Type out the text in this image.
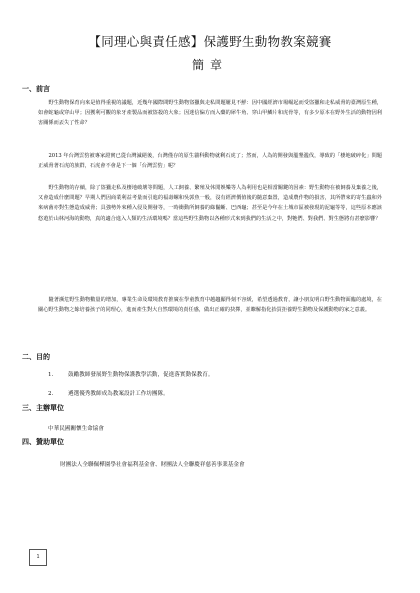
【同理心與責任感】保護野生動物教案競賽
簡章
一、前言
野生動物保育向來是值得重視的議題，近幾年國際間野生動物盜獵與走私問題屢見不鮮：因中國經濟市場崛起而受盜獵和走私威脅的臺灣原生種，如會蛇龜或穿山甲；因獲利可觀的象牙產製品而被盜殺的大象；因迷信偏方而入藥的犀牛角、穿山甲鱗片和虎骨等，有多少原本在野外生活的動物因利害關係而丟失了性命？
2013 年台灣雲豹被專家證實已從台灣滅絕後，台灣僅存的原生貓科動物就剩石虎了；然而，人為的開發與濫墾濫伐，導致的「棲地破碎化」問題正威脅著石虎的族群，石虎會不會是下一個「台灣雲豹」呢？
野生動物的存續，除了盜獵走私及棲地破壞等問題，人工飼養、繁殖及休閒娛樂等人為利用也是相當關鍵的因素：野生動物在被飼養及棄養之後，又會造成什麼問題？早期人們因商業利益考量而引進的福壽螺和吳郭魚一般，沒有經濟價值後的隨意棄置，造成農作物的損害，其所帶來的寄生蟲和外來病菌亦對生態造成威脅；具強勢外來種入侵及開發等，一時衝動所飼養的綠鬣蜥、巴西龜；甚至是今年在土城市區被發現的泥龜等等，這些原本應該悠遊於山林河海的動物，真的適合進入人類的生活環境嗎？當這些野生動物以各種形式來到我們的生活之中，對牠們、對我們、對生態將有甚麼影響？
隨著濒危野生動物數量的增加，專業生命及環境教育推廣在學童教育中越趨顯得刻不容緩，希望透過教育，讓小朋友明白野生動物面臨的處境，在關心野生動物之餘培養孩子的同理心，進而產生對大自然環境的責任感，做出正確的抉擇，並瞭解指化抬買拒養野生動物及保護動物的家之意義。
二、目的
1.	鼓勵教師發展野生動物保護教學活動，促進落實動保教育。
2.	遴選優秀教師成為教案設計工作坊團隊。
三、主辦單位
中華民國關懷生命協會
四、贊助單位
財團法人全聯佩樺園學社會福利基金會、財團法人全聯慶祥慈善事業基金會
1
